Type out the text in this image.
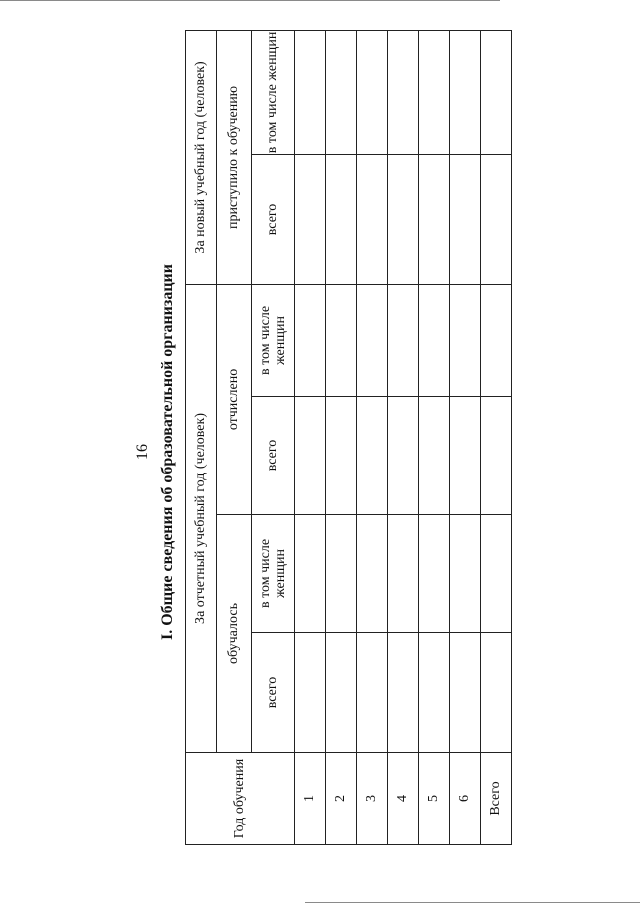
16 I. Общие сведения об образовательной организации
Год обучения	За отчетный учебный год (человек)				За новый учебный год (человек)	
	обучалось		отчислено		приступило к обучению	
	всего	в том числе женщин	всего	в том числе женщин	всего	в том числе женщин
1						
2						
3						
4						
5						
6						
Всего						
